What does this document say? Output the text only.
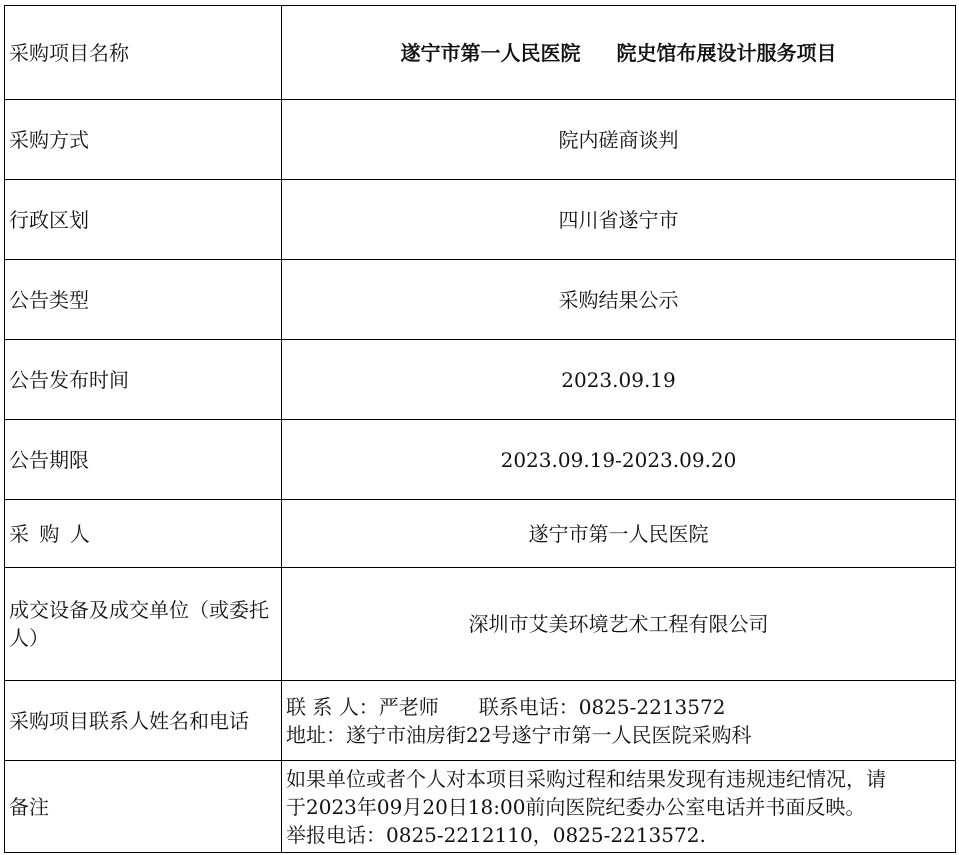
采购项目名称	遂宁市第一人民医院 院史馆布展设计服务项目
采购方式	院内磋商谈判
行政区划	四川省遂宁市
公告类型	采购结果公示
公告发布时间	2023.09.19
公告期限	2023.09.19-2023.09.20
采 购 人	遂宁市第一人民医院
成交设备及成交单位（或委托人）	深圳市艾美环境艺术工程有限公司
采购项目联系人姓名和电话	联 系 人：严老师 联系电话：0825-2213572
地址：遂宁市油房街22号遂宁市第一人民医院采购科

备注	如果单位或者个人对本项目采购过程和结果发现有违规违纪情况，请
于2023年09月20日18:00前向医院纪委办公室电话并书面反映。
举报电话：0825-2212110，0825-2213572.
